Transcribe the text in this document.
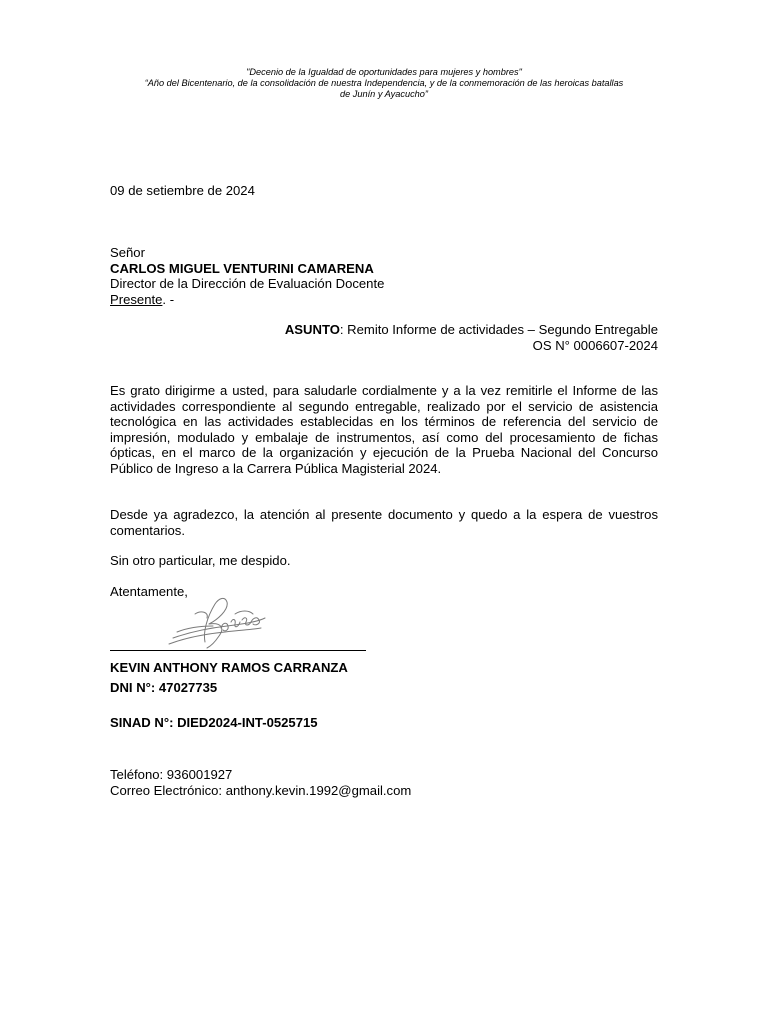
"Decenio de la Igualdad de oportunidades para mujeres y hombres"
“Año del Bicentenario, de la consolidación de nuestra Independencia, y de la conmemoración de las heroicas batallas
de Junín y Ayacucho”
09 de setiembre de 2024
Señor
CARLOS MIGUEL VENTURINI CAMARENA
Director de la Dirección de Evaluación Docente
Presente. -
ASUNTO: Remito Informe de actividades – Segundo Entregable
OS N° 0006607-2024
Es grato dirigirme a usted, para saludarle cordialmente y a la vez remitirle el Informe de las actividades correspondiente al segundo entregable, realizado por el servicio de asistencia tecnológica en las actividades establecidas en los términos de referencia del servicio de impresión, modulado y embalaje de instrumentos, así como del procesamiento de fichas ópticas, en el marco de la organización y ejecución de la Prueba Nacional del Concurso Público de Ingreso a la Carrera Pública Magisterial 2024.
Desde ya agradezco, la atención al presente documento y quedo a la espera de vuestros comentarios.
Sin otro particular, me despido.
Atentamente,
KEVIN ANTHONY RAMOS CARRANZA
DNI N°: 47027735
SINAD N°: DIED2024-INT-0525715
Teléfono: 936001927
Correo Electrónico: anthony.kevin.1992@gmail.com
